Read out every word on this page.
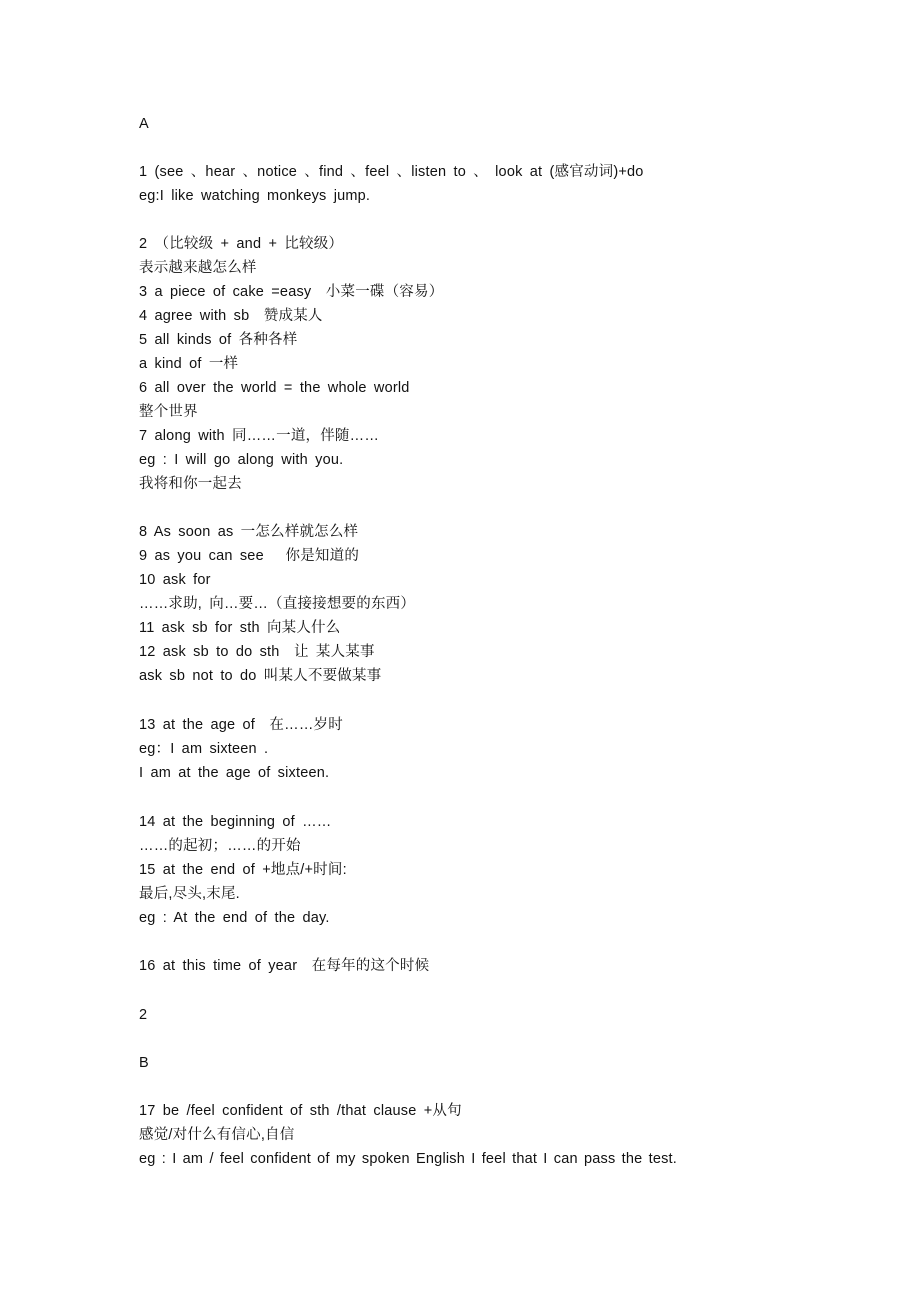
A
1 (see 、hear 、notice 、find 、feel 、listen to 、 look at (感官动词)+do
eg:I like watching monkeys jump.
2 （比较级 + and + 比较级）
表示越来越怎么样
3 a piece of cake =easy  小菜一碟（容易）
4 agree with sb  赞成某人
5 all kinds of 各种各样
a kind of 一样
6 all over the world = the whole world
整个世界
7 along with 同……一道，伴随……
eg : I will go along with you.
我将和你一起去
8 As soon as 一怎么样就怎么样
9 as you can see   你是知道的
10 ask for
……求助, 向…要…（直接接想要的东西）
11 ask sb for sth 向某人什么
12 ask sb to do sth  让 某人某事
ask sb not to do 叫某人不要做某事
13 at the age of  在……岁时
eg：I am sixteen .
I am at the age of sixteen.
14 at the beginning of ……
……的起初；……的开始
15 at the end of +地点/+时间:
最后,尽头,末尾.
eg : At the end of the day.
16 at this time of year  在每年的这个时候
2
B
17 be /feel confident of sth /that clause +从句
感觉/对什么有信心,自信
eg : I am / feel confident of my spoken English I feel that I can pass the test.
